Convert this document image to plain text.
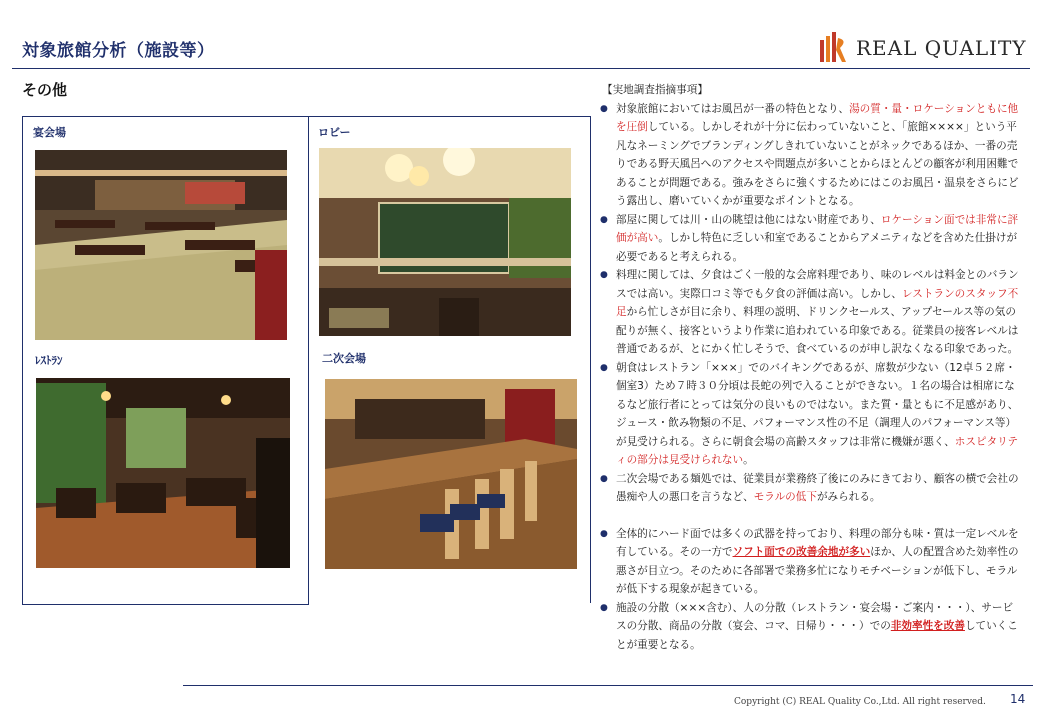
対象旅館分析（施設等）	REAL QUALITY
その他
宴会場	ロビー
ﾚｽﾄﾗﾝ	二次会場
【実地調査指摘事項】
● 対象旅館においてはお風呂が一番の特色となり、湯の質・量・ロケーションともに他を圧倒している。しかしそれが十分に伝わっていないこと、「旅館××××」という平凡なネーミングでブランディングしきれていないことがネックであるほか、一番の売りである野天風呂へのアクセスや問題点が多いことからほとんどの顧客が利用困難であることが問題である。強みをさらに強くするためにはこのお風呂・温泉をさらにどう露出し、磨いていくかが重要なポイントとなる。
● 部屋に関しては川・山の眺望は他にはない財産であり、ロケーション面では非常に評価が高い。しかし特色に乏しい和室であることからアメニティなどを含めた仕掛けが必要であると考えられる。
● 料理に関しては、夕食はごく一般的な会席料理であり、味のレベルは料金とのバランスでは高い。実際口コミ等でも夕食の評価は高い。しかし、レストランのスタッフ不足から忙しさが目に余り、料理の説明、ドリンクセールス、アップセールス等の気の配りが無く、接客というより作業に追われている印象である。従業員の接客レベルは普通であるが、とにかく忙しそうで、食べているのが申し訳なくなる印象であった。
● 朝食はレストラン「×××」でのバイキングであるが、席数が少ない（12卓５２席・個室3）ため７時３０分頃は長蛇の列で入ることができない。１名の場合は相席になるなど旅行者にとっては気分の良いものではない。また質・量ともに不足感があり、ジュース・飲み物類の不足、パフォーマンス性の不足（調理人のパフォーマンス等）が見受けられる。さらに朝食会場の高齢スタッフは非常に機嫌が悪く、ホスピタリティの部分は見受けられない。
● 二次会場である麺処では、従業員が業務終了後にのみにきており、顧客の横で会社の愚痴や人の悪口を言うなど、モラルの低下がみられる。
● 全体的にハード面では多くの武器を持っており、料理の部分も味・質は一定レベルを有している。その一方でソフト面での改善余地が多いほか、人の配置含めた効率性の悪さが目立つ。そのために各部署で業務多忙になりモチベーションが低下し、モラルが低下する現象が起きている。
● 施設の分散（×××含む）、人の分散（レストラン・宴会場・ご案内・・・）、サービスの分散、商品の分散（宴会、コマ、日帰り・・・）での非効率性を改善していくことが重要となる。
Copyright (C) REAL Quality Co.,Ltd. All right reserved. 14
